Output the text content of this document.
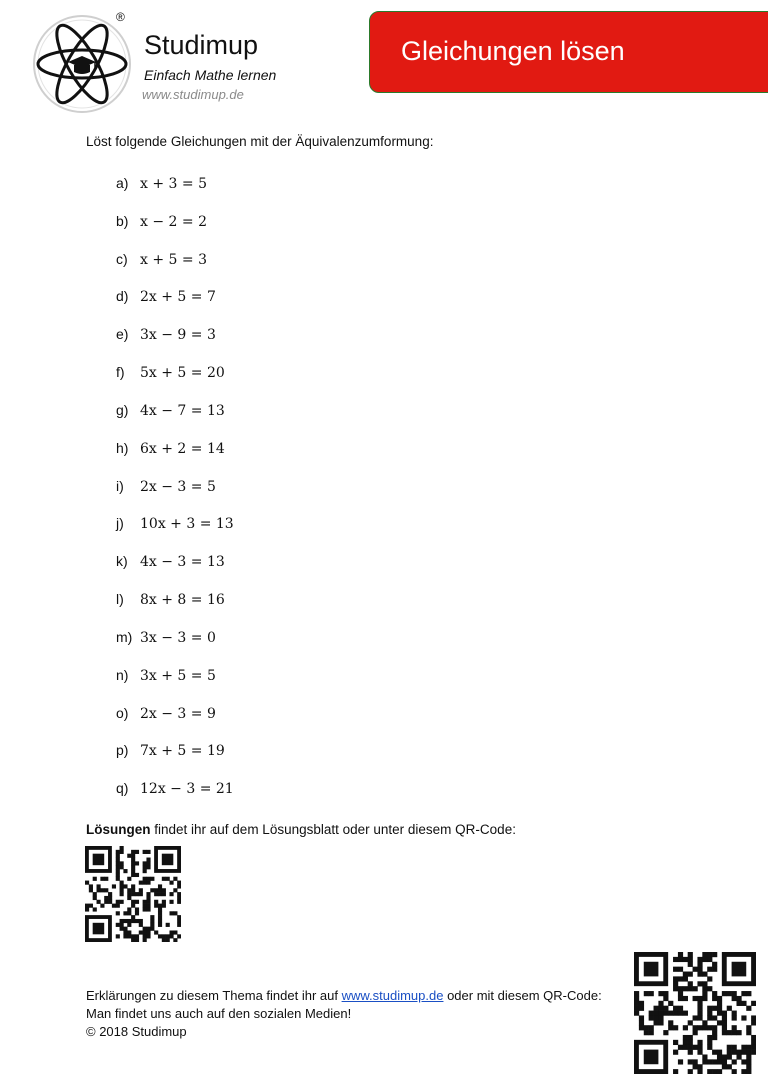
®
Studimup
Einfach Mathe lernen
www.studimup.de
Gleichungen lösen
Löst folgende Gleichungen mit der Äquivalenzumformung:
a) x + 3 = 5
b) x − 2 = 2
c) x + 5 = 3
d) 2x + 5 = 7
e) 3x − 9 = 3
f) 5x + 5 = 20
g) 4x − 7 = 13
h) 6x + 2 = 14
i) 2x − 3 = 5
j) 10x + 3 = 13
k) 4x − 3 = 13
l) 8x + 8 = 16
m) 3x − 3 = 0
n) 3x + 5 = 5
o) 2x − 3 = 9
p) 7x + 5 = 19
q) 12x − 3 = 21
Lösungen findet ihr auf dem Lösungsblatt oder unter diesem QR-Code:
Erklärungen zu diesem Thema findet ihr auf www.studimup.de oder mit diesem QR-Code:
Man findet uns auch auf den sozialen Medien!
© 2018 Studimup
